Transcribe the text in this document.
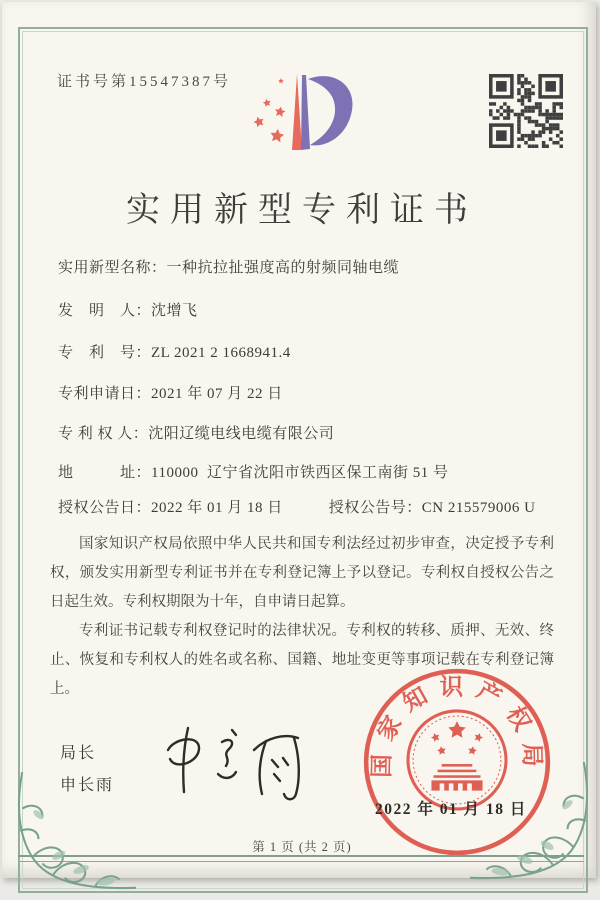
证书号第15547387号
实用新型专利证书
实用新型名称： 一种抗拉扯强度高的射频同轴电缆
发　明　人： 沈增飞
专　利　号： ZL 2021 2 1668941.4
专利申请日： 2021 年 07 月 22 日
专 利 权 人： 沈阳辽缆电线电缆有限公司
地　　　址： 110000  辽宁省沈阳市铁西区保工南街 51 号
授权公告日： 2022 年 01 月 18 日	授权公告号： CN 215579006 U

国家知识产权局依照中华人民共和国专利法经过初步审查，决定授予专利权，颁发实用新型专利证书并在专利登记簿上予以登记。专利权自授权公告之日起生效。专利权期限为十年，自申请日起算。

专利证书记载专利权登记时的法律状况。专利权的转移、质押、无效、终止、恢复和专利权人的姓名或名称、国籍、地址变更等事项记载在专利登记簿上。

局长
申长雨
国家知识产权局
2022 年 01 月 18 日
第 1 页 (共 2 页)
